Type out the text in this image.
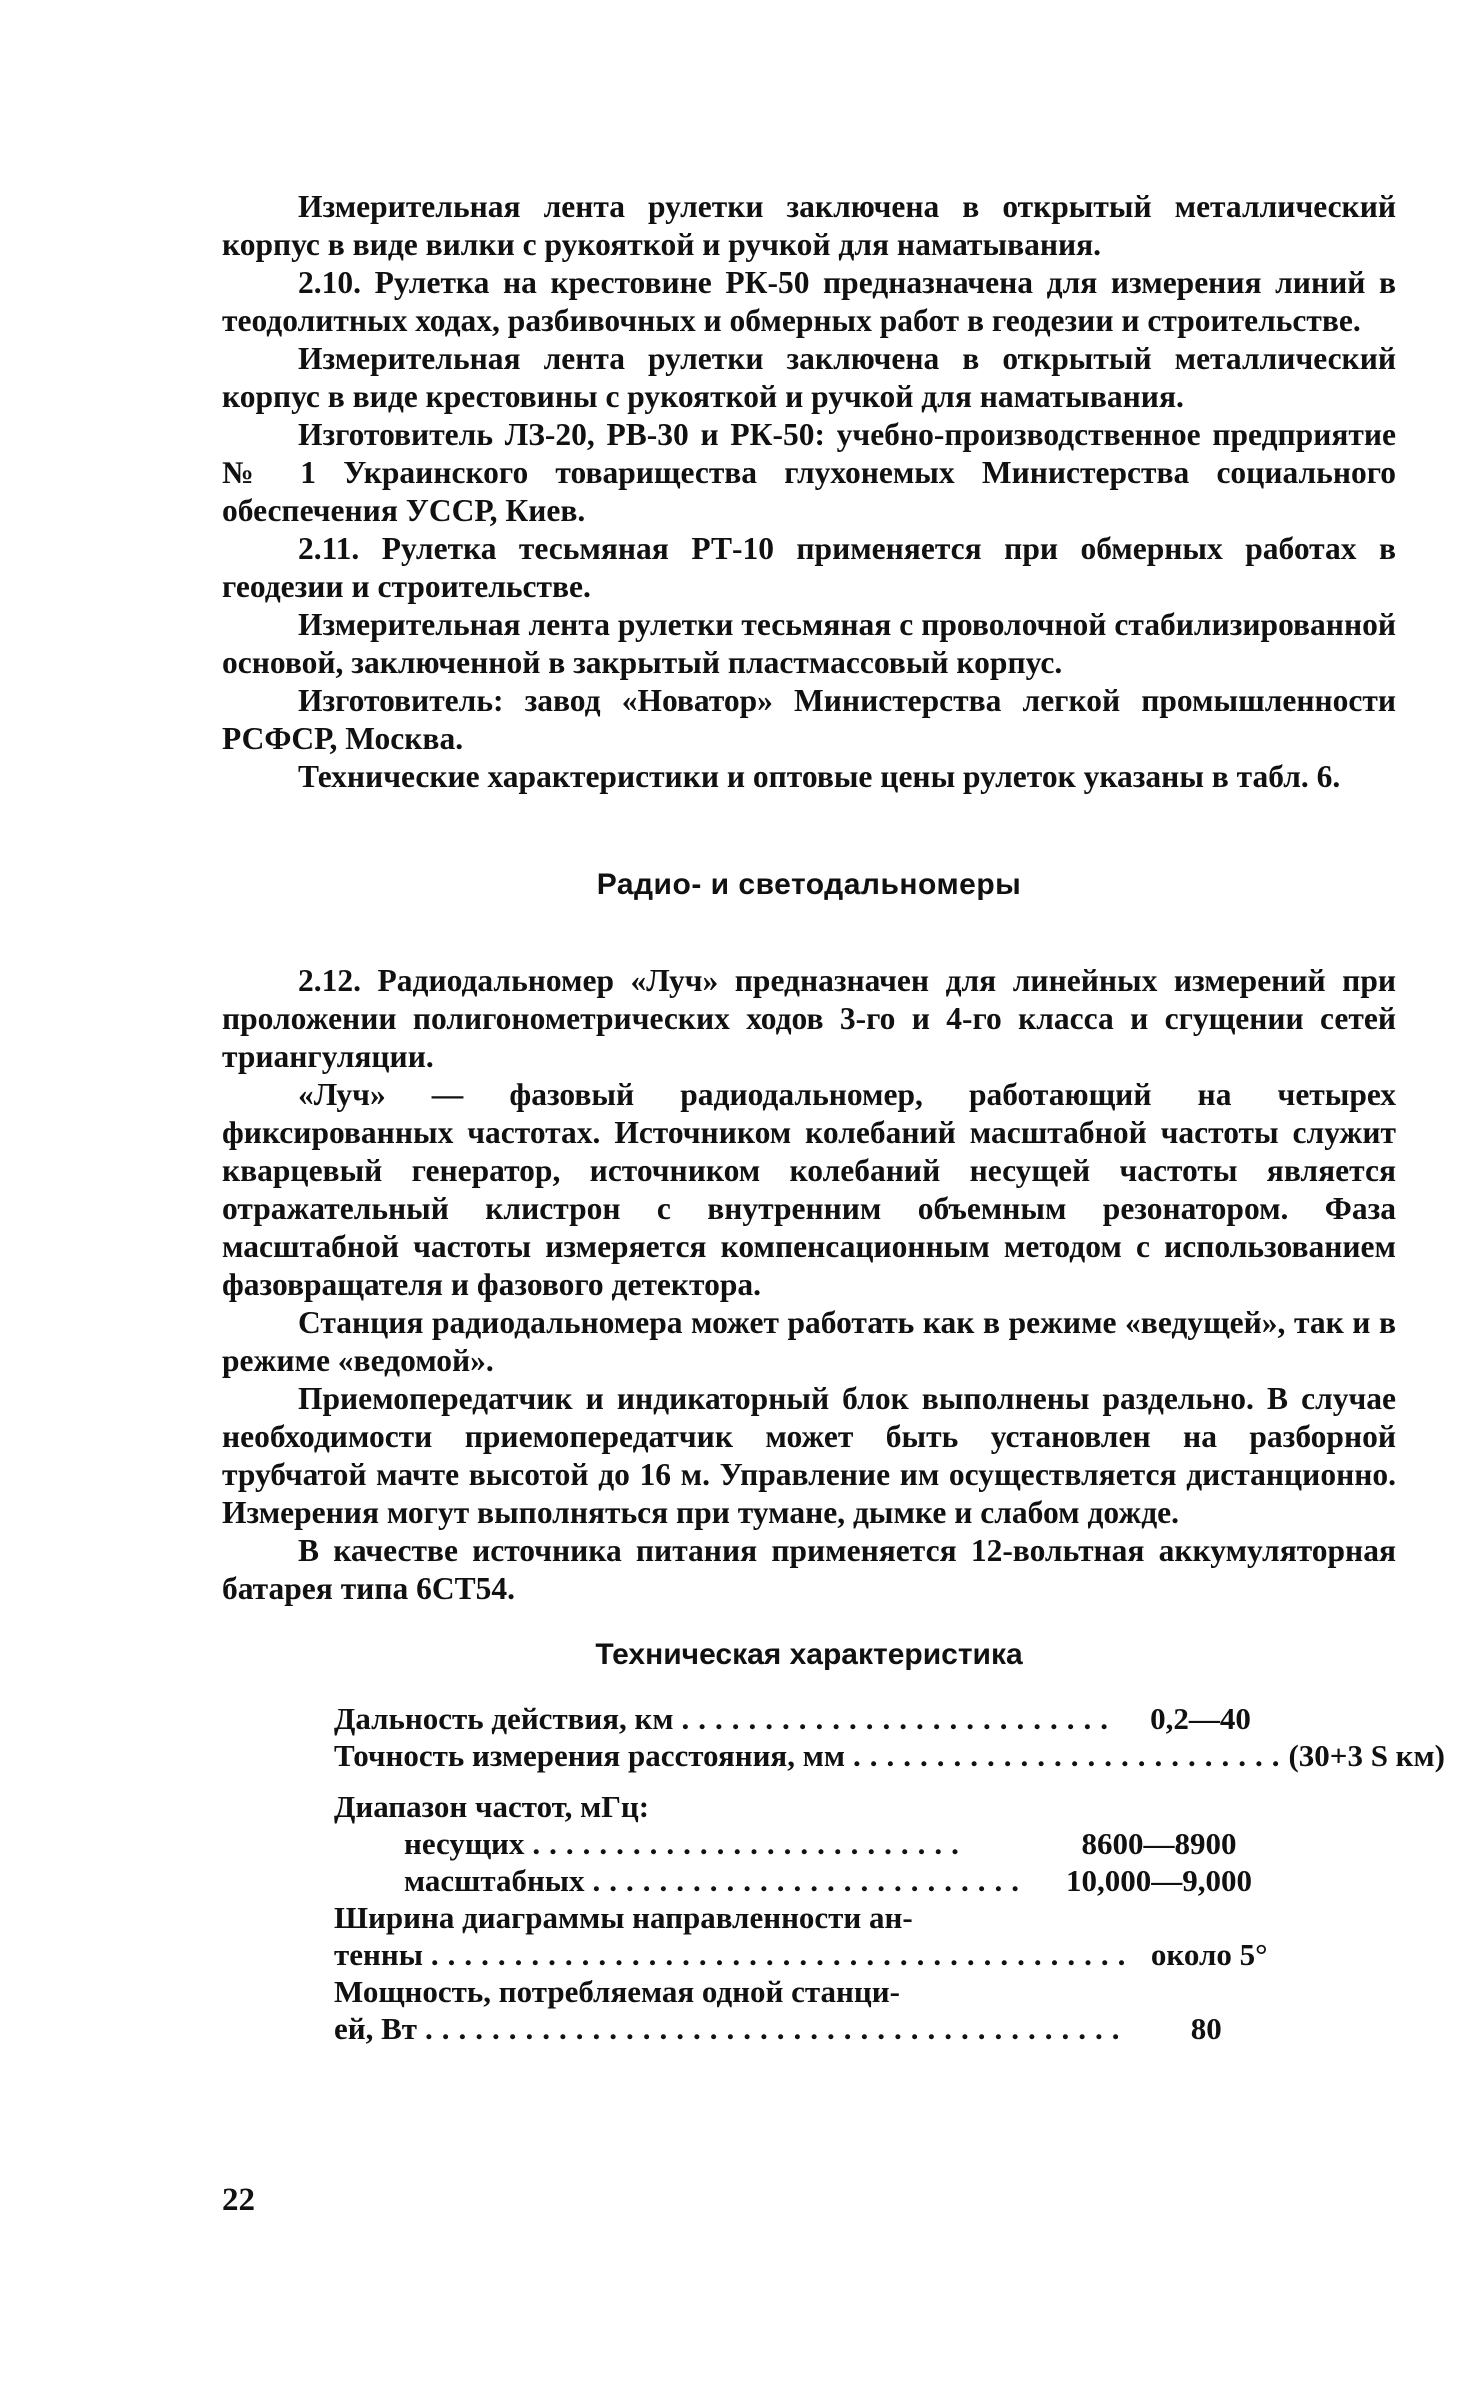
Измерительная лента рулетки заключена в открытый металлический корпус в виде вилки с рукояткой и ручкой для наматывания.

2.10. Рулетка на крестовине РК-50 предназначена для измерения линий в теодолитных ходах, разбивочных и обмерных работ в геодезии и строительстве.

Измерительная лента рулетки заключена в открытый металлический корпус в виде крестовины с рукояткой и ручкой для наматывания.

Изготовитель ЛЗ-20, РВ-30 и РК-50: учебно-производственное предприятие № 1 Украинского товарищества глухонемых Министерства социального обеспечения УССР, Киев.

2.11. Рулетка тесьмяная РТ-10 применяется при обмерных работах в геодезии и строительстве.

Измерительная лента рулетки тесьмяная с проволочной стабилизированной основой, заключенной в закрытый пластмассовый корпус.

Изготовитель: завод «Новатор» Министерства легкой промышленности РСФСР, Москва.

Технические характеристики и оптовые цены рулеток указаны в табл. 6.

Радио- и светодальномеры

2.12. Радиодальномер «Луч» предназначен для линейных измерений при проложении полигонометрических ходов 3-го и 4-го класса и сгущении сетей триангуляции.

«Луч» — фазовый радиодальномер, работающий на четырех фиксированных частотах. Источником колебаний масштабной частоты служит кварцевый генератор, источником колебаний несущей частоты является отражательный клистрон с внутренним объемным резонатором. Фаза масштабной частоты измеряется компенсационным методом с использованием фазовращателя и фазового детектора.

Станция радиодальномера может работать как в режиме «ведущей», так и в режиме «ведомой».

Приемопередатчик и индикаторный блок выполнены раздельно. В случае необходимости приемопередатчик может быть установлен на разборной трубчатой мачте высотой до 16 м. Управление им осуществляется дистанционно. Измерения могут выполняться при тумане, дымке и слабом дожде.

В качестве источника питания применяется 12-вольтная аккумуляторная батарея типа 6СТ54.

Техническая характеристика
Дальность действия, км ..........................	0,2—40
Точность измерения расстояния, мм .......................... (30+3 S км)
Диапазон частот, мГц:
несущих ..........................	8600—8900
масштабных ..........................	10,000—9,000
Ширина диаграммы направленности ан-
тенны .......................................... около 5°
Мощность, потребляемая одной станци-
ей, Вт ..........................................	80
22
